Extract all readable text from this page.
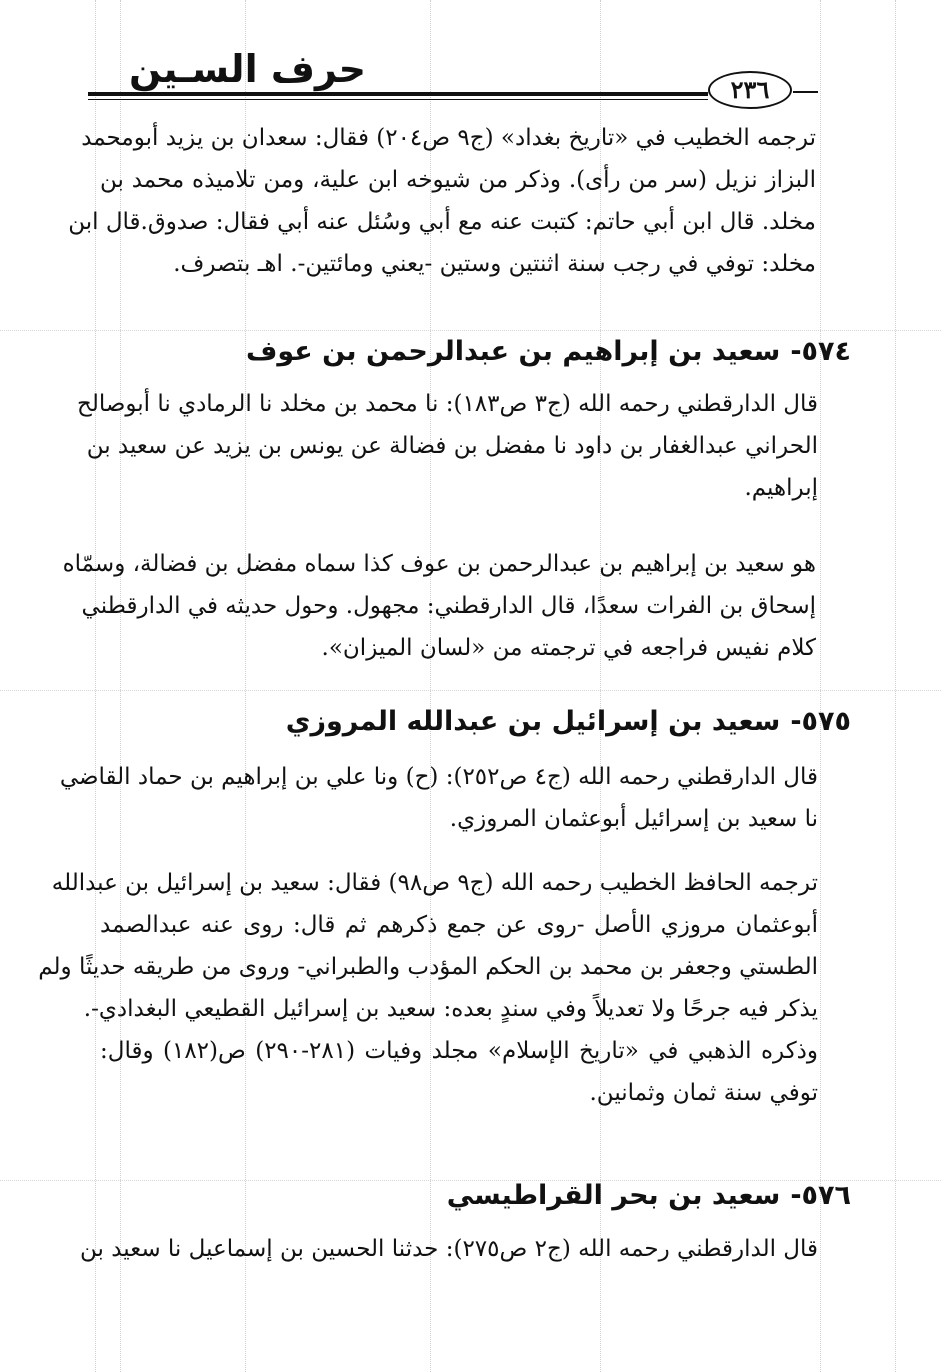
حرف السـين	٢٣٦
ترجمه الخطيب في «تاريخ بغداد» (ج٩ ص٢٠٤) فقال: سعدان بن يزيد أبومحمد
البزاز نزيل (سر من رأى). وذكر من شيوخه ابن علية، ومن تلاميذه محمد بن
مخلد. قال ابن أبي حاتم: كتبت عنه مع أبي وسُئل عنه أبي فقال: صدوق.قال ابن
مخلد: توفي في رجب سنة اثنتين وستين -يعني ومائتين-. اهـ بتصرف.
٥٧٤-سعيد بن إبراهيم بن عبدالرحمن بن عوف
قال الدارقطني رحمه الله (ج٣ ص١٨٣): نا محمد بن مخلد نا الرمادي نا أبوصالح
الحراني عبدالغفار بن داود نا مفضل بن فضالة عن يونس بن يزيد عن سعيد بن
إبراهيم.
هو سعيد بن إبراهيم بن عبدالرحمن بن عوف كذا سماه مفضل بن فضالة، وسمّاه
إسحاق بن الفرات سعدًا، قال الدارقطني: مجهول. وحول حديثه في الدارقطني
كلام نفيس فراجعه في ترجمته من «لسان الميزان».
٥٧٥-سعيد بن إسرائيل بن عبدالله المروزي
قال الدارقطني رحمه الله (ج٤ ص٢٥٢): (ح) ونا علي بن إبراهيم بن حماد القاضي
نا سعيد بن إسرائيل أبوعثمان المروزي.
ترجمه الحافظ الخطيب رحمه الله (ج٩ ص٩٨) فقال: سعيد بن إسرائيل بن عبدالله
أبوعثمان مروزي الأصل -روى عن جمع ذكرهم ثم قال: روى عنه عبدالصمد
الطستي وجعفر بن محمد بن الحكم المؤدب والطبراني- وروى من طريقه حديثًا ولم
يذكر فيه جرحًا ولا تعديلاً وفي سندٍ بعده: سعيد بن إسرائيل القطيعي البغدادي-.
وذكره الذهبي في «تاريخ الإسلام» مجلد وفيات (٢٨١-٢٩٠) ص(١٨٢) وقال:
توفي سنة ثمان وثمانين.
٥٧٦-سعيد بن بحر القراطيسي
قال الدارقطني رحمه الله (ج٢ ص٢٧٥): حدثنا الحسين بن إسماعيل نا سعيد بن
